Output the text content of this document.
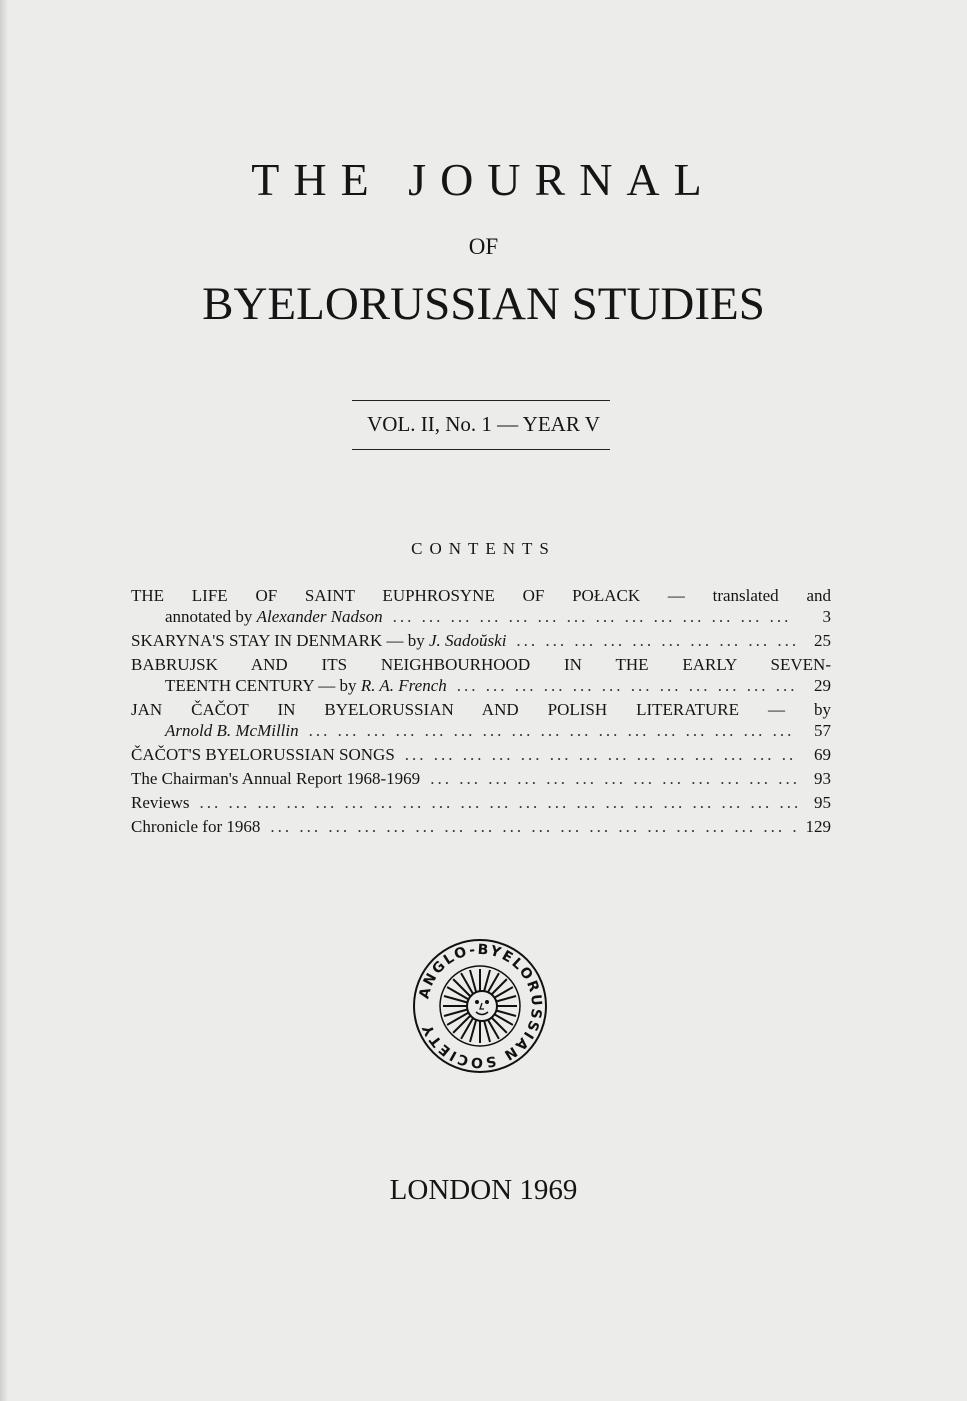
THE JOURNAL
OF
BYELORUSSIAN STUDIES
VOL. II, No. 1 — YEAR V
CONTENTS
THE LIFE OF SAINT EUPHROSYNE OF POŁACK — translated and
annotated by Alexander Nadson ... .	3
SKARYNA'S STAY IN DENMARK — by J. Sadoŭski ... .	25
BABRUJSK AND ITS NEIGHBOURHOOD IN THE EARLY SEVEN-
TEENTH CENTURY — by R. A. French ... .	29
JAN ČAČOT IN BYELORUSSIAN AND POLISH LITERATURE — by
Arnold B. McMillin ... .	57
ČAČOT'S BYELORUSSIAN SONGS ... .	69
The Chairman's Annual Report 1968-1969 ... .	93
Reviews ... .	95
Chronicle for 1968 ... .	129
ANGLO-BYELORUSSIAN SOCIETY
LONDON 1969
